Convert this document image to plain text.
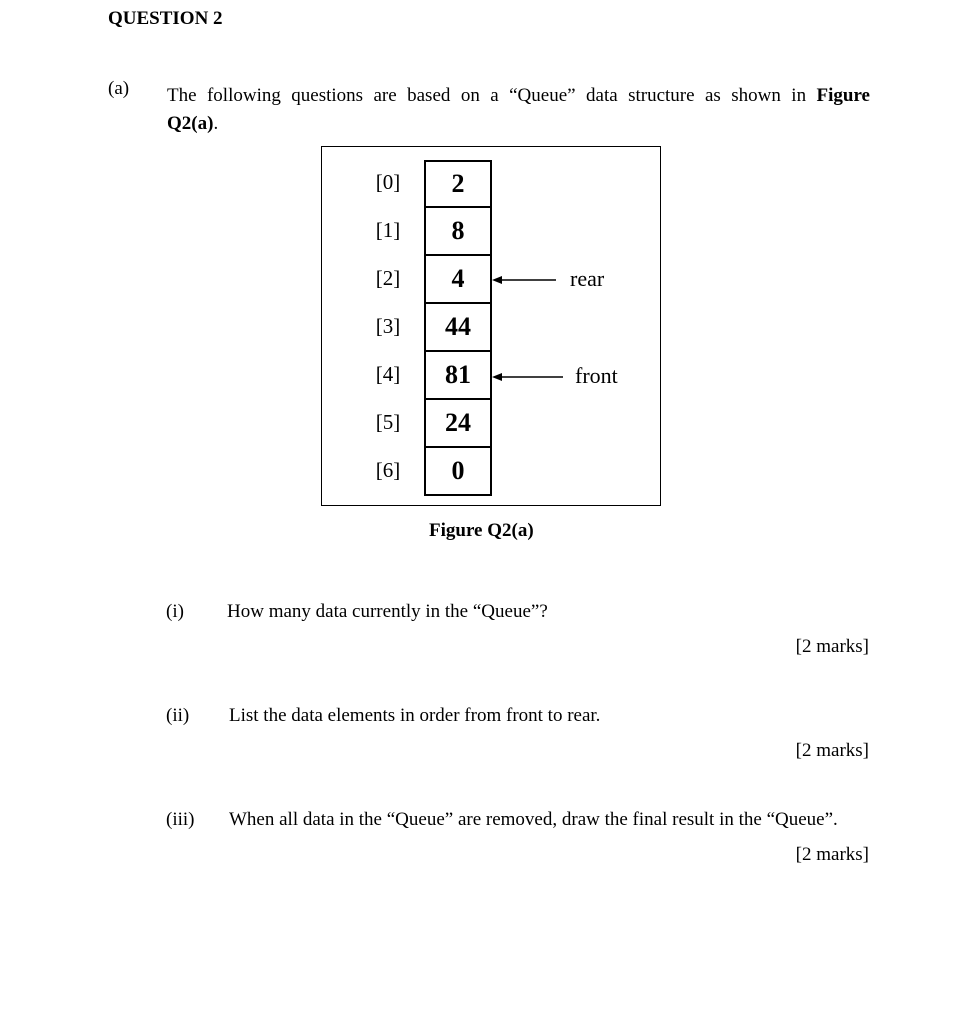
QUESTION 2
(a) The following questions are based on a “Queue” data structure as shown in Figure
Q2(a).
[0]
[1]
[2]
[3]
[4]
[5]
[6]
2
8
4
44
81
24
0
rear
front
Figure Q2(a)
(i) How many data currently in the “Queue”?
[2 marks]
(ii) List the data elements in order from front to rear.
[2 marks]
(iii) When all data in the “Queue” are removed, draw the final result in the “Queue”.
[2 marks]
